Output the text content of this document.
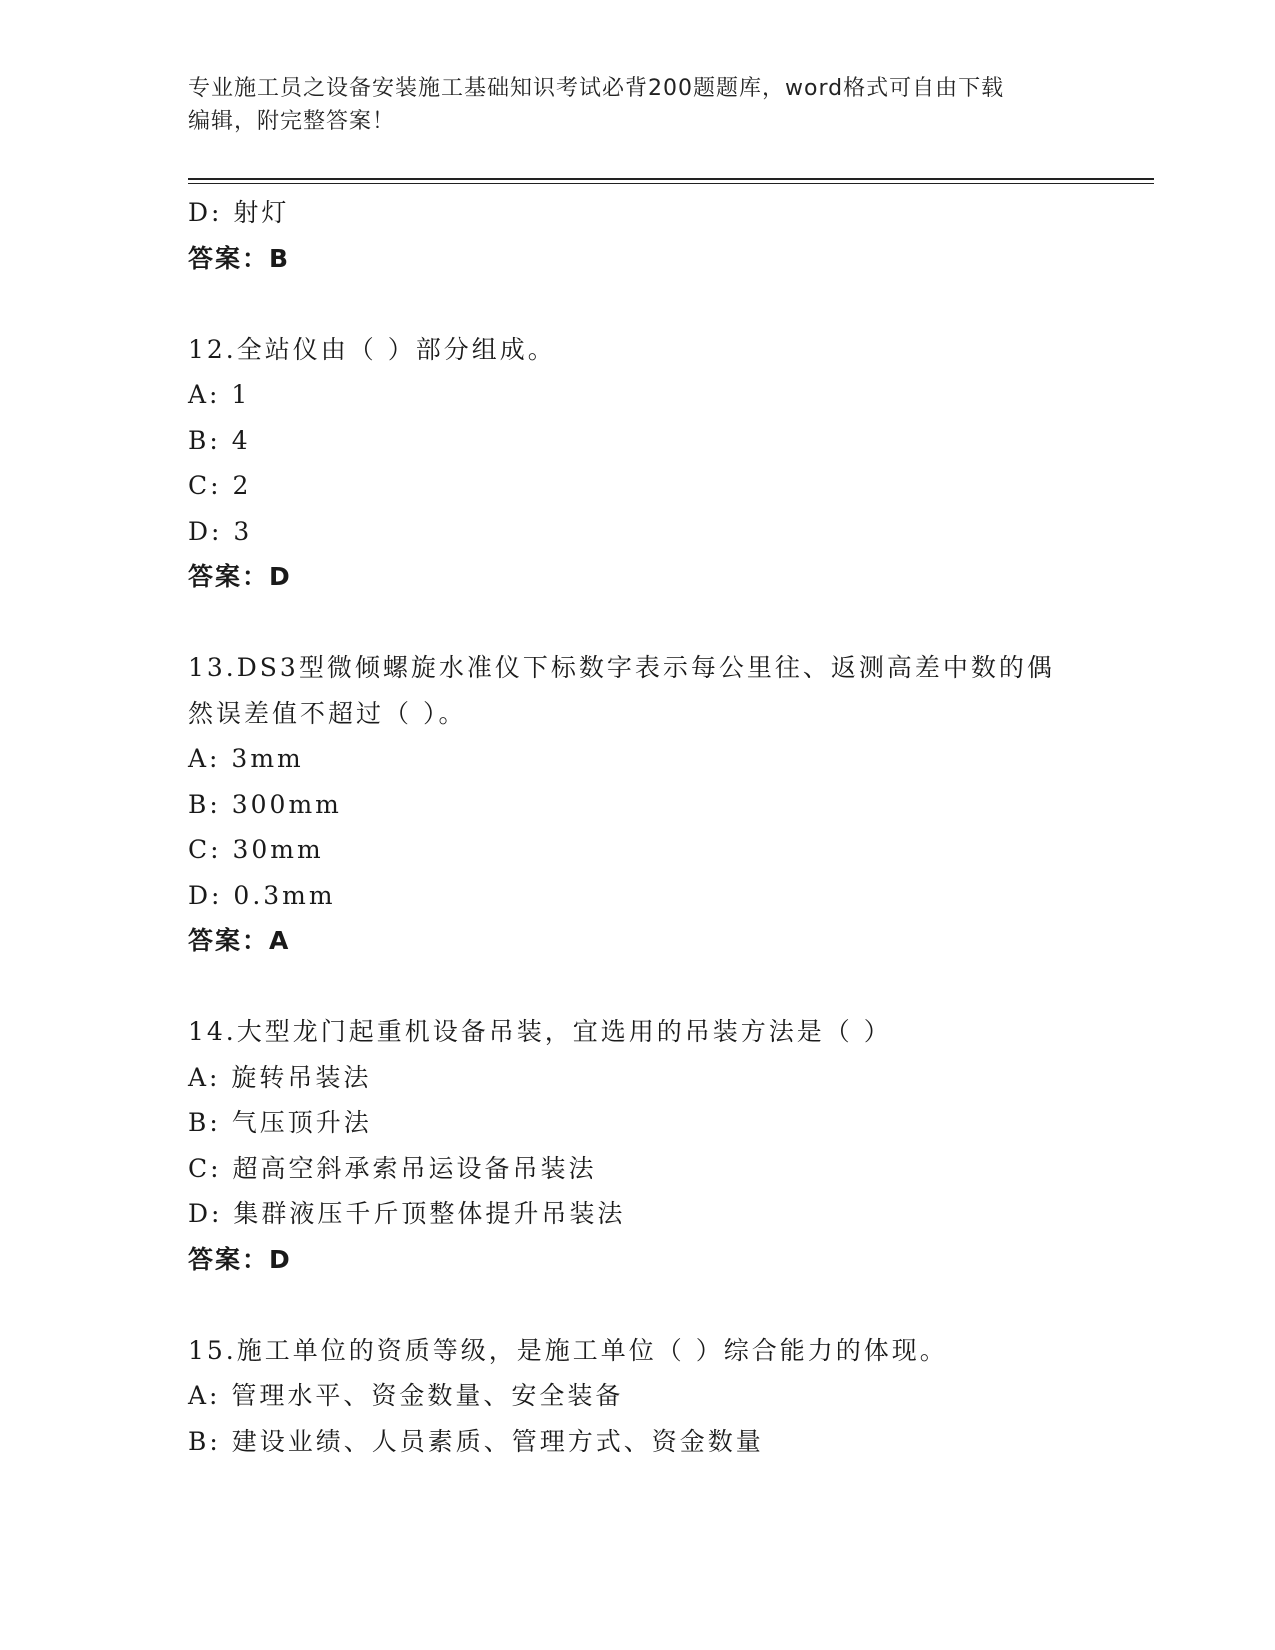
专业施工员之设备安装施工基础知识考试必背200题题库，word格式可自由下载
编辑，附完整答案！
D: 射灯
答案：B
12.全站仪由（ ）部分组成。
A: 1
B: 4
C: 2
D: 3
答案：D
13.DS3型微倾螺旋水准仪下标数字表示每公里往、返测高差中数的偶
然误差值不超过（ ）。
A: 3mm
B: 300mm
C: 30mm
D: 0.3mm
答案：A
14.大型龙门起重机设备吊装，宜选用的吊装方法是（ ）
A: 旋转吊装法
B: 气压顶升法
C: 超高空斜承索吊运设备吊装法
D: 集群液压千斤顶整体提升吊装法
答案：D
15.施工单位的资质等级，是施工单位（ ）综合能力的体现。
A: 管理水平、资金数量、安全装备
B: 建设业绩、人员素质、管理方式、资金数量
